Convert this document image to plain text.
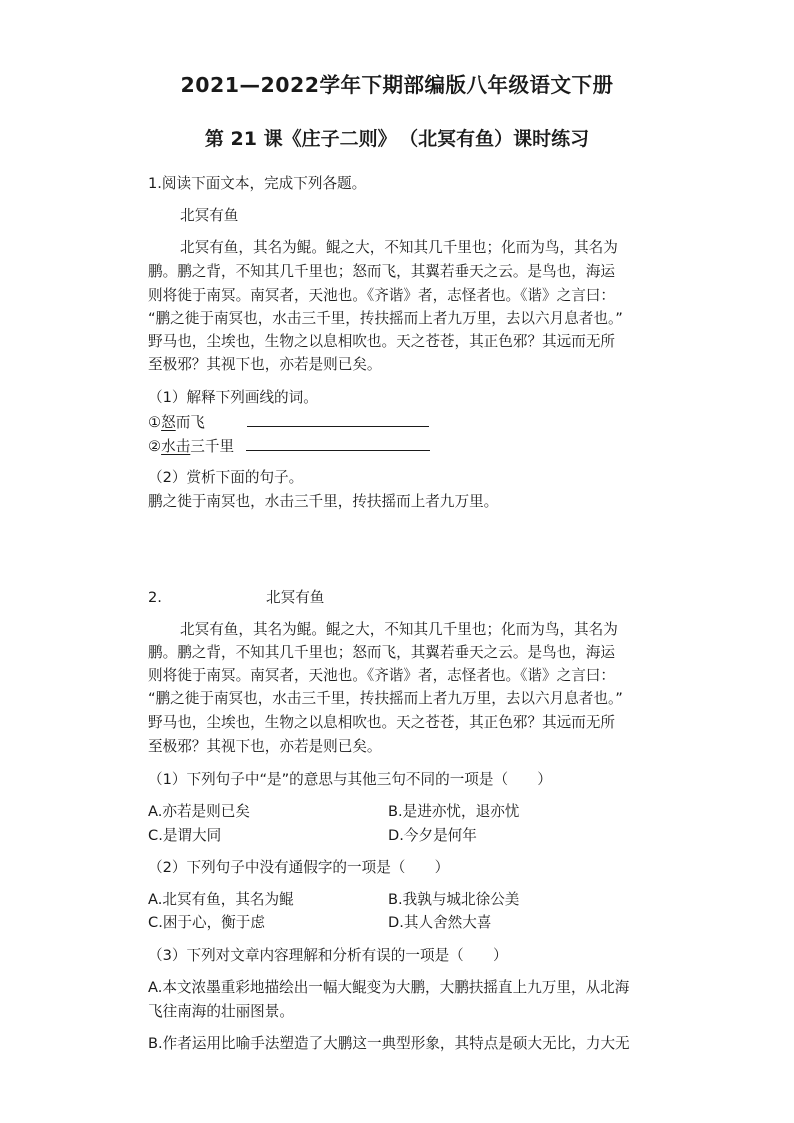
2021—2022学年下期部编版八年级语文下册
第 21 课《庄子二则》 （北冥有鱼）课时练习
1.阅读下面文本，完成下列各题。
北冥有鱼
北冥有鱼，其名为鲲。鲲之大，不知其几千里也；化而为鸟，其名为
鹏。鹏之背，不知其几千里也；怒而飞，其翼若垂天之云。是鸟也，海运
则将徙于南冥。南冥者，天池也。《齐谐》者，志怪者也。《谐》之言曰：
“鹏之徙于南冥也，水击三千里，抟扶摇而上者九万里，去以六月息者也。”
野马也，尘埃也，生物之以息相吹也。天之苍苍，其正色邪？其远而无所
至极邪？其视下也，亦若是则已矣。
（1）解释下列画线的词。
①怒而飞
②水击三千里
（2）赏析下面的句子。
鹏之徙于南冥也，水击三千里，抟扶摇而上者九万里。
2.	北冥有鱼
北冥有鱼，其名为鲲。鲲之大，不知其几千里也；化而为鸟，其名为
鹏。鹏之背，不知其几千里也；怒而飞，其翼若垂天之云。是鸟也，海运
则将徙于南冥。南冥者，天池也。《齐谐》者，志怪者也。《谐》之言曰：
“鹏之徙于南冥也，水击三千里，抟扶摇而上者九万里，去以六月息者也。”
野马也，尘埃也，生物之以息相吹也。天之苍苍，其正色邪？其远而无所
至极邪？其视下也，亦若是则已矣。
（1）下列句子中“是”的意思与其他三句不同的一项是（　　）
A.亦若是则已矣	B.是进亦忧，退亦忧
C.是谓大同	D.今夕是何年
（2）下列句子中没有通假字的一项是（　　）
A.北冥有鱼，其名为鲲	B.我孰与城北徐公美
C.困于心，衡于虑	D.其人舍然大喜
（3）下列对文章内容理解和分析有误的一项是（　　）
A.本文浓墨重彩地描绘出一幅大鲲变为大鹏，大鹏扶摇直上九万里，从北海
飞往南海的壮丽图景。
B.作者运用比喻手法塑造了大鹏这一典型形象，其特点是硕大无比，力大无
